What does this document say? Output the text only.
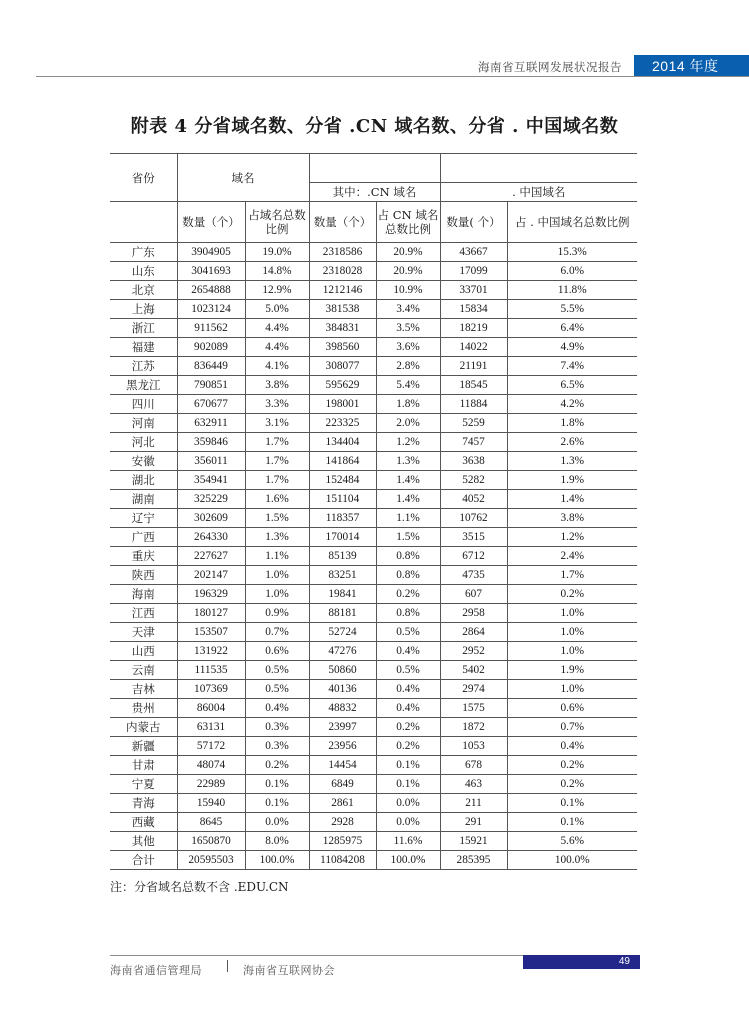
海南省互联网发展状况报告	2014 年度
附表 4 分省域名数、分省 .CN 域名数、分省 . 中国域名数
省份	域名					
			其中：.CN 域名		. 中国域名	
	数量（个）	占域名总数比例	数量（个）	占 CN 域名总数比例	数量( 个）	占 . 中国域名总数比例
广东	3904905	19.0%	2318586	20.9%	43667	15.3%
山东	3041693	14.8%	2318028	20.9%	17099	6.0%
北京	2654888	12.9%	1212146	10.9%	33701	11.8%
上海	1023124	5.0%	381538	3.4%	15834	5.5%
浙江	911562	4.4%	384831	3.5%	18219	6.4%
福建	902089	4.4%	398560	3.6%	14022	4.9%
江苏	836449	4.1%	308077	2.8%	21191	7.4%
黑龙江	790851	3.8%	595629	5.4%	18545	6.5%
四川	670677	3.3%	198001	1.8%	11884	4.2%
河南	632911	3.1%	223325	2.0%	5259	1.8%
河北	359846	1.7%	134404	1.2%	7457	2.6%
安徽	356011	1.7%	141864	1.3%	3638	1.3%
湖北	354941	1.7%	152484	1.4%	5282	1.9%
湖南	325229	1.6%	151104	1.4%	4052	1.4%
辽宁	302609	1.5%	118357	1.1%	10762	3.8%
广西	264330	1.3%	170014	1.5%	3515	1.2%
重庆	227627	1.1%	85139	0.8%	6712	2.4%
陕西	202147	1.0%	83251	0.8%	4735	1.7%
海南	196329	1.0%	19841	0.2%	607	0.2%
江西	180127	0.9%	88181	0.8%	2958	1.0%
天津	153507	0.7%	52724	0.5%	2864	1.0%
山西	131922	0.6%	47276	0.4%	2952	1.0%
云南	111535	0.5%	50860	0.5%	5402	1.9%
吉林	107369	0.5%	40136	0.4%	2974	1.0%
贵州	86004	0.4%	48832	0.4%	1575	0.6%
内蒙古	63131	0.3%	23997	0.2%	1872	0.7%
新疆	57172	0.3%	23956	0.2%	1053	0.4%
甘肃	48074	0.2%	14454	0.1%	678	0.2%
宁夏	22989	0.1%	6849	0.1%	463	0.2%
青海	15940	0.1%	2861	0.0%	211	0.1%
西藏	8645	0.0%	2928	0.0%	291	0.1%
其他	1650870	8.0%	1285975	11.6%	15921	5.6%
合计	20595503	100.0%	11084208	100.0%	285395	100.0%
注：分省域名总数不含 .EDU.CN
海南省通信管理局	海南省互联网协会
49
